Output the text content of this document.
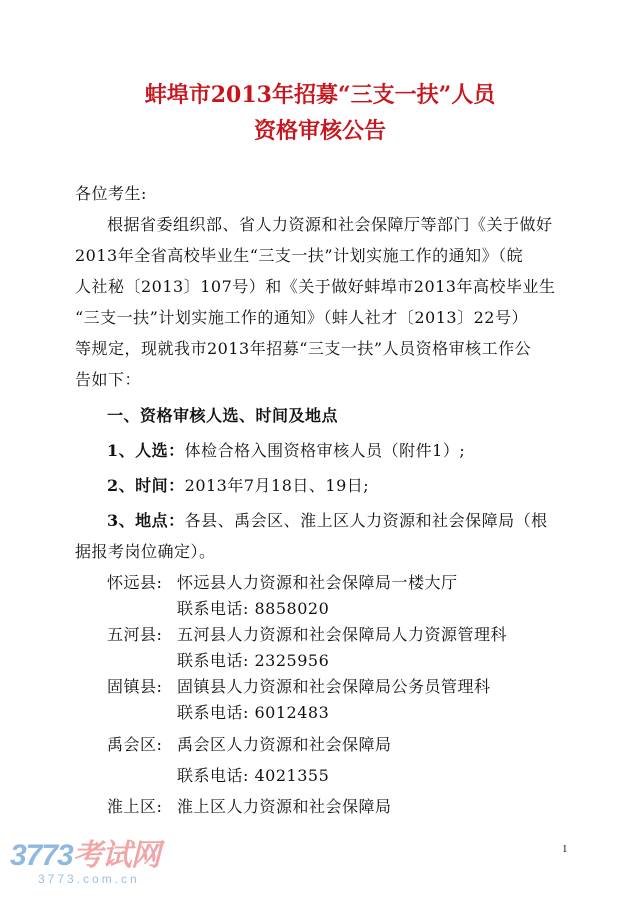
蚌埠市2013年招募“三支一扶”人员
资格审核公告
各位考生:
根据省委组织部、省人力资源和社会保障厅等部门《关于做好
2013年全省高校毕业生“三支一扶”计划实施工作的通知》（皖
人社秘〔2013〕107号）和《关于做好蚌埠市2013年高校毕业生
“三支一扶”计划实施工作的通知》（蚌人社才〔2013〕22号）
等规定，现就我市2013年招募“三支一扶”人员资格审核工作公
告如下：
一、资格审核人选、时间及地点
1、人选：体检合格入围资格审核人员（附件1）;
2、时间：2013年7月18日、19日;
3、地点：各县、禹会区、淮上区人力资源和社会保障局（根
据报考岗位确定）。
怀远县: 怀远县人力资源和社会保障局一楼大厅
联系电话: 8858020
五河县: 五河县人力资源和社会保障局人力资源管理科
联系电话: 2325956
固镇县: 固镇县人力资源和社会保障局公务员管理科
联系电话: 6012483
禹会区: 禹会区人力资源和社会保障局
联系电话: 4021355
淮上区: 淮上区人力资源和社会保障局
1
3773考试网
3773.com.cn
